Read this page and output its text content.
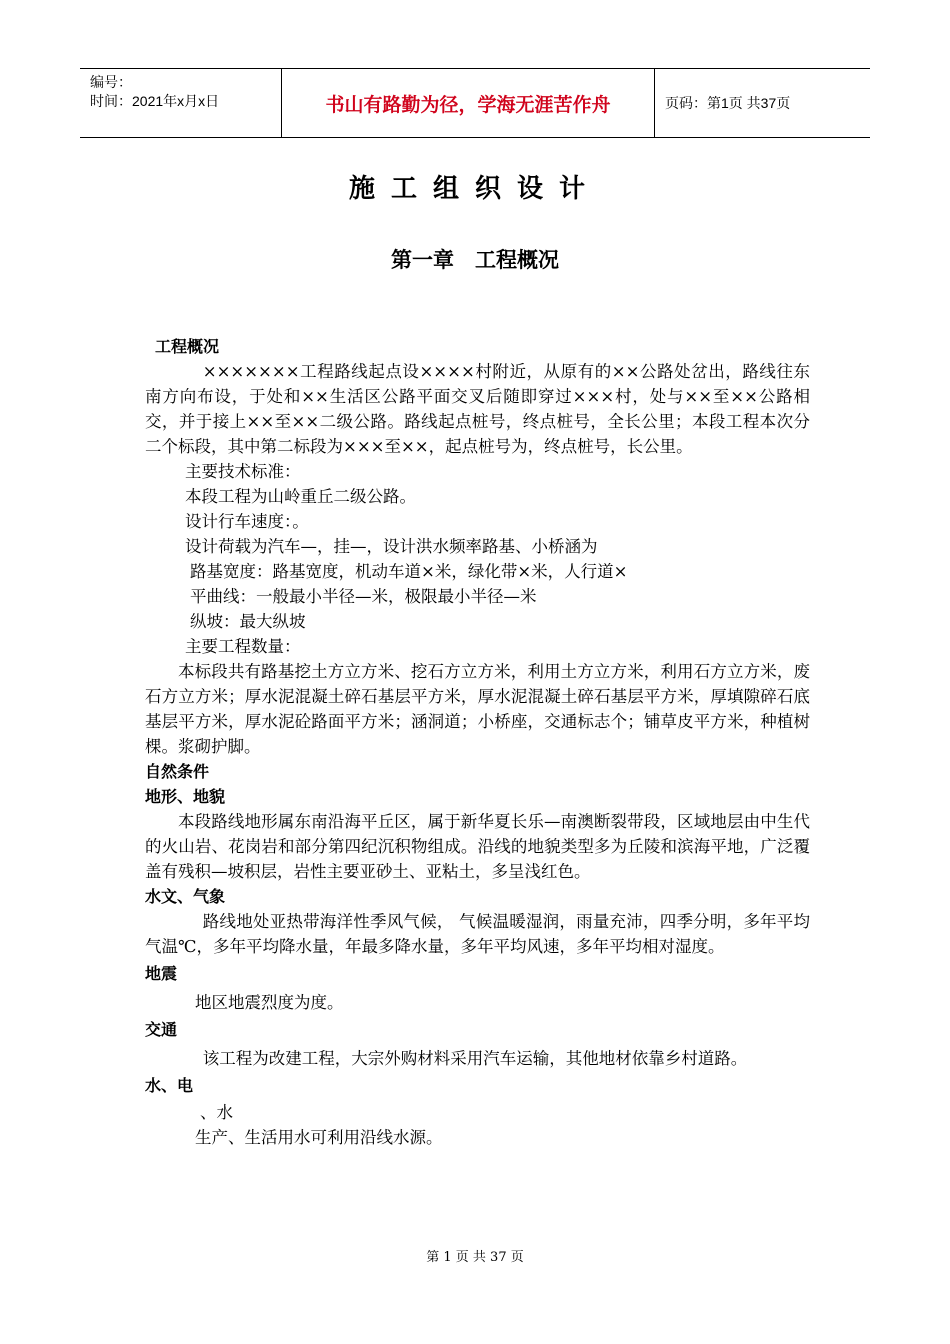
编号：
时间：2021年x月x日	书山有路勤为径，学海无涯苦作舟	页码：第1页 共37页
施工组织设计
第一章　工程概况

工程概况

×××××××工程路线起点设××××村附近，从原有的××公路处岔出，路线往东南方向布设，于处和××生活区公路平面交叉后随即穿过×××村，处与××至××公路相交，并于接上××至××二级公路。路线起点桩号，终点桩号，全长公里；本段工程本次分二个标段，其中第二标段为×××至××，起点桩号为，终点桩号，长公里。

主要技术标准：

本段工程为山岭重丘二级公路。

设计行车速度：。

设计荷载为汽车—，挂—，设计洪水频率路基、小桥涵为

路基宽度：路基宽度，机动车道×米，绿化带×米，人行道×

平曲线：一般最小半径—米，极限最小半径—米

纵坡：最大纵坡

主要工程数量：

本标段共有路基挖土方立方米、挖石方立方米，利用土方立方米，利用石方立方米，废石方立方米；厚水泥混凝土碎石基层平方米，厚水泥混凝土碎石基层平方米，厚填隙碎石底基层平方米，厚水泥砼路面平方米；涵洞道；小桥座，交通标志个；铺草皮平方米，种植树棵。浆砌护脚。

自然条件

地形、地貌

本段路线地形属东南沿海平丘区，属于新华夏长乐—南澳断裂带段，区域地层由中生代的火山岩、花岗岩和部分第四纪沉积物组成。沿线的地貌类型多为丘陵和滨海平地，广泛覆盖有残积—坡积层，岩性主要亚砂土、亚粘土，多呈浅红色。

水文、气象

路线地处亚热带海洋性季风气候， 气候温暖湿润，雨量充沛，四季分明，多年平均气温℃，多年平均降水量，年最多降水量，多年平均风速，多年平均相对湿度。

地震

地区地震烈度为度。

交通

该工程为改建工程，大宗外购材料采用汽车运输，其他地材依靠乡村道路。

水、电

、水

生产、生活用水可利用沿线水源。

第 1 页 共 37 页
